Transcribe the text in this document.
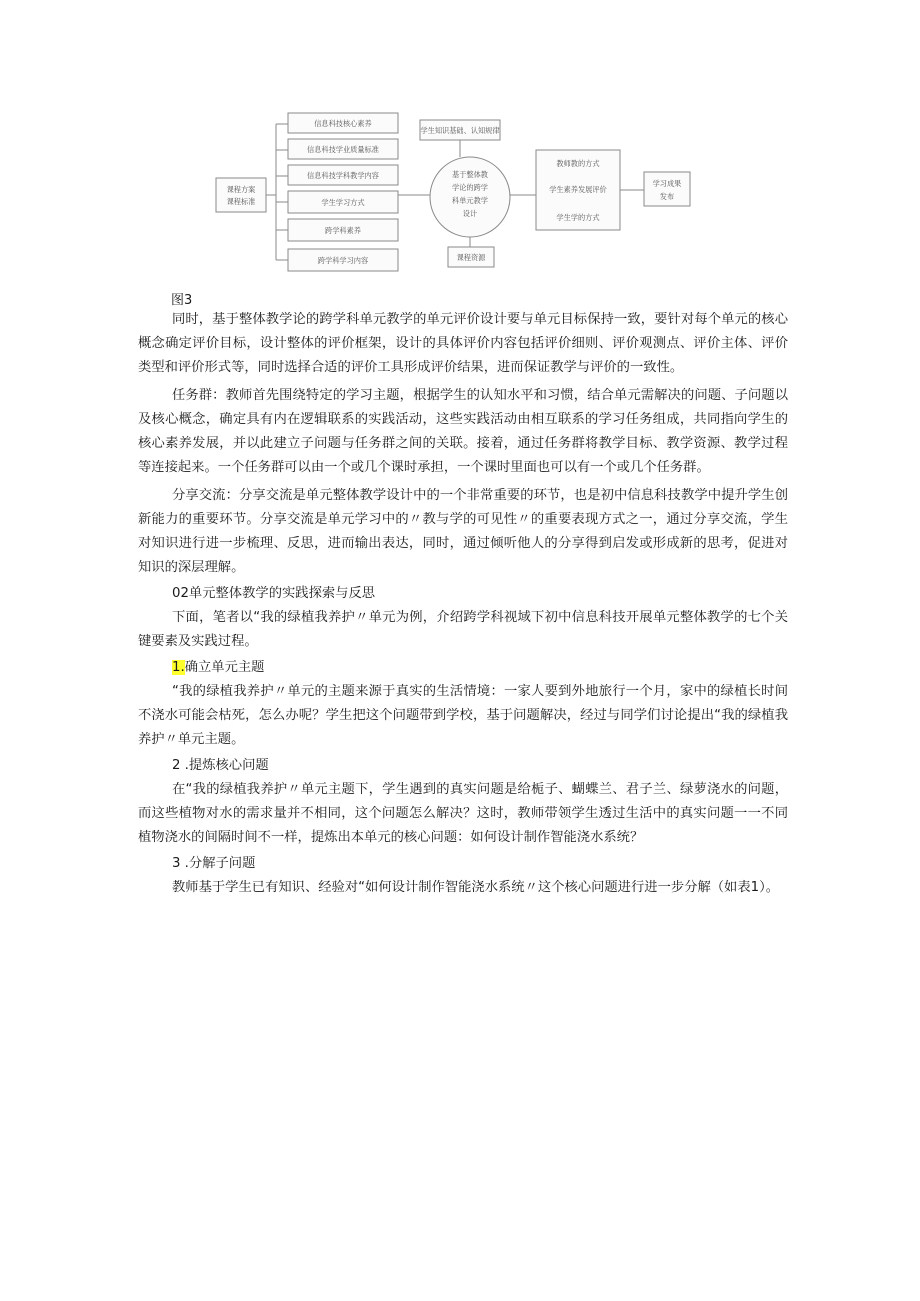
课程方案
课程标准
信息科技核心素养
信息科技学业质量标准
信息科技学科教学内容
学生学习方式
跨学科素养
跨学科学习内容
学生知识基础、认知规律
基于整体教
学论的跨学
科单元教学
设计
课程资源
教师教的方式
学生素养发展评价
学生学的方式
学习成果
发布
图3

同时，基于整体教学论的跨学科单元教学的单元评价设计要与单元目标保持一致，要针对每个单元的核心概念确定评价目标，设计整体的评价框架，设计的具体评价内容包括评价细则、评价观测点、评价主体、评价类型和评价形式等，同时选择合适的评价工具形成评价结果，进而保证教学与评价的一致性。

任务群：教师首先围绕特定的学习主题，根据学生的认知水平和习惯，结合单元需解决的问题、子问题以及核心概念，确定具有内在逻辑联系的实践活动，这些实践活动由相互联系的学习任务组成，共同指向学生的核心素养发展，并以此建立子问题与任务群之间的关联。接着，通过任务群将教学目标、教学资源、教学过程等连接起来。一个任务群可以由一个或几个课时承担，一个课时里面也可以有一个或几个任务群。

分享交流：分享交流是单元整体教学设计中的一个非常重要的环节，也是初中信息科技教学中提升学生创新能力的重要环节。分享交流是单元学习中的〃教与学的可见性〃的重要表现方式之一，通过分享交流，学生对知识进行进一步梳理、反思，进而输出表达，同时，通过倾听他人的分享得到启发或形成新的思考，促进对知识的深层理解。

02单元整体教学的实践探索与反思

下面，笔者以“我的绿植我养护〃单元为例，介绍跨学科视域下初中信息科技开展单元整体教学的七个关键要素及实践过程。

1.确立单元主题

“我的绿植我养护〃单元的主题来源于真实的生活情境：一家人要到外地旅行一个月，家中的绿植长时间不浇水可能会枯死，怎么办呢？学生把这个问题带到学校，基于问题解决，经过与同学们讨论提出“我的绿植我养护〃单元主题。

2 .提炼核心问题

在“我的绿植我养护〃单元主题下，学生遇到的真实问题是给栀子、蝴蝶兰、君子兰、绿萝浇水的问题，而这些植物对水的需求量并不相同，这个问题怎么解决？这时，教师带领学生透过生活中的真实问题一一不同植物浇水的间隔时间不一样，提炼出本单元的核心问题：如何设计制作智能浇水系统？

3 .分解子问题

教师基于学生已有知识、经验对“如何设计制作智能浇水系统〃这个核心问题进行进一步分解（如表1）。
